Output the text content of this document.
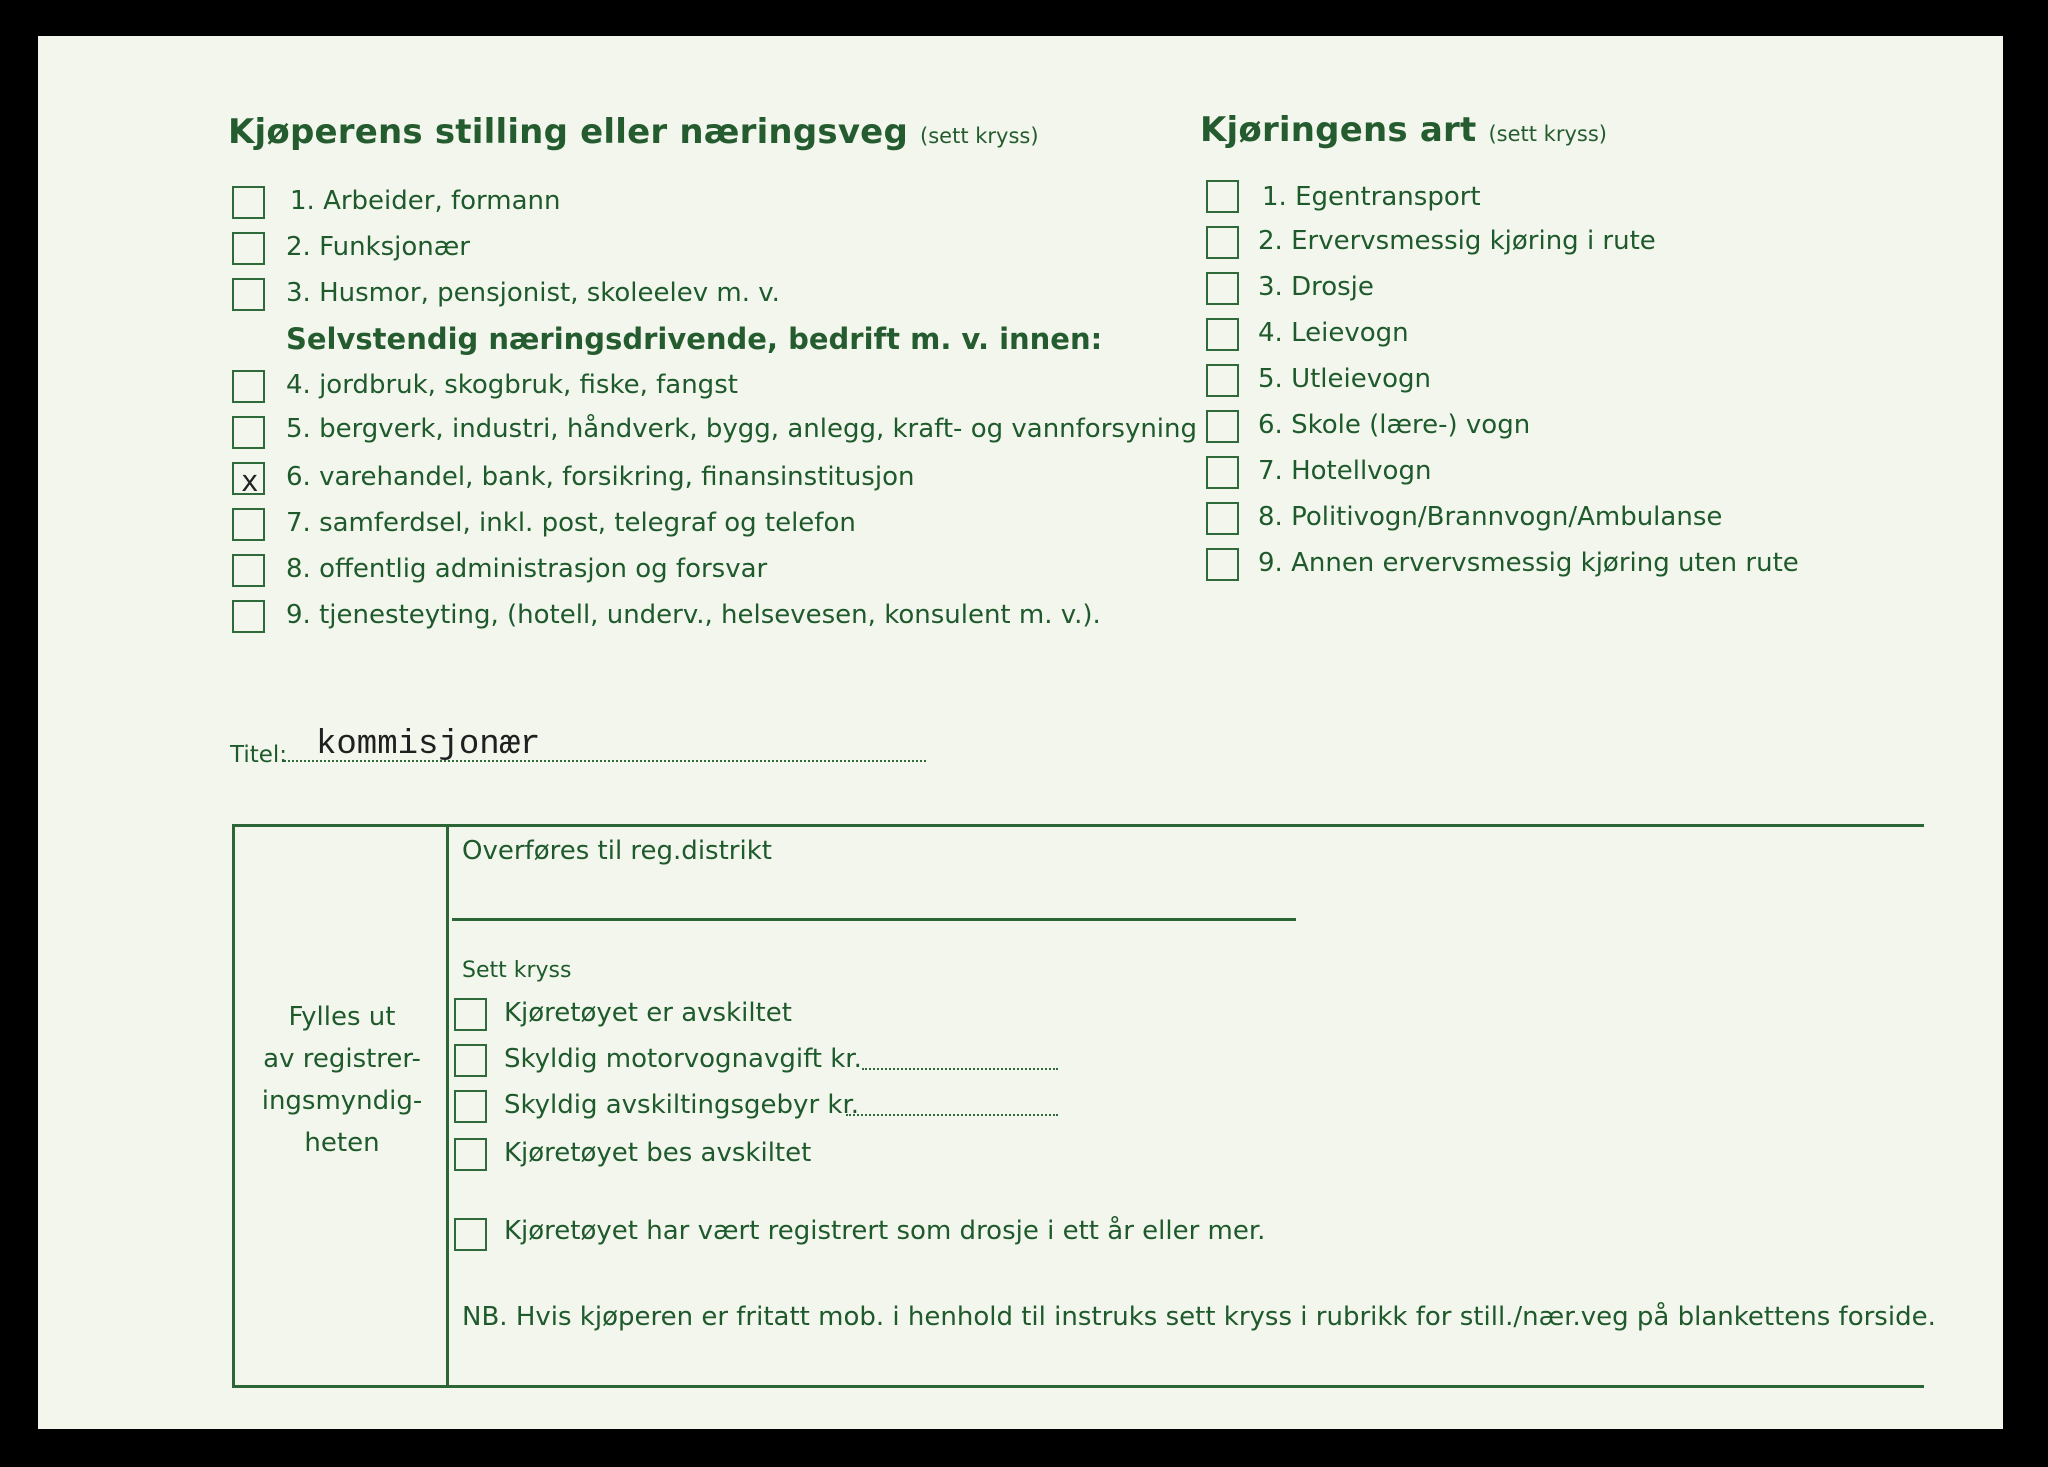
Kjøperens stilling eller næringsveg (sett kryss)
1. Arbeider, formann
2. Funksjonær
3. Husmor, pensjonist, skoleelev m. v.
Selvstendig næringsdrivende, bedrift m. v. innen:
4. jordbruk, skogbruk, fiske, fangst
5. bergverk, industri, håndverk, bygg, anlegg, kraft- og vannforsyning
x 6. varehandel, bank, forsikring, finansinstitusjon
7. samferdsel, inkl. post, telegraf og telefon
8. offentlig administrasjon og forsvar
9. tjenesteyting, (hotell, underv., helsevesen, konsulent m. v.).
Kjøringens art (sett kryss)
1. Egentransport
2. Ervervsmessig kjøring i rute
3. Drosje
4. Leievogn
5. Utleievogn
6. Skole (lære-) vogn
7. Hotellvogn
8. Politivogn/Brannvogn/Ambulanse
9. Annen ervervsmessig kjøring uten rute
Titel: kommisjonær
Fylles ut
av registrer-
ingsmyndig-
heten
Overføres til reg.distrikt
Sett kryss
Kjøretøyet er avskiltet
Skyldig motorvognavgift kr.
Skyldig avskiltingsgebyr kr.
Kjøretøyet bes avskiltet
Kjøretøyet har vært registrert som drosje i ett år eller mer.
NB. Hvis kjøperen er fritatt mob. i henhold til instruks sett kryss i rubrikk for still./nær.veg på blankettens forside.
